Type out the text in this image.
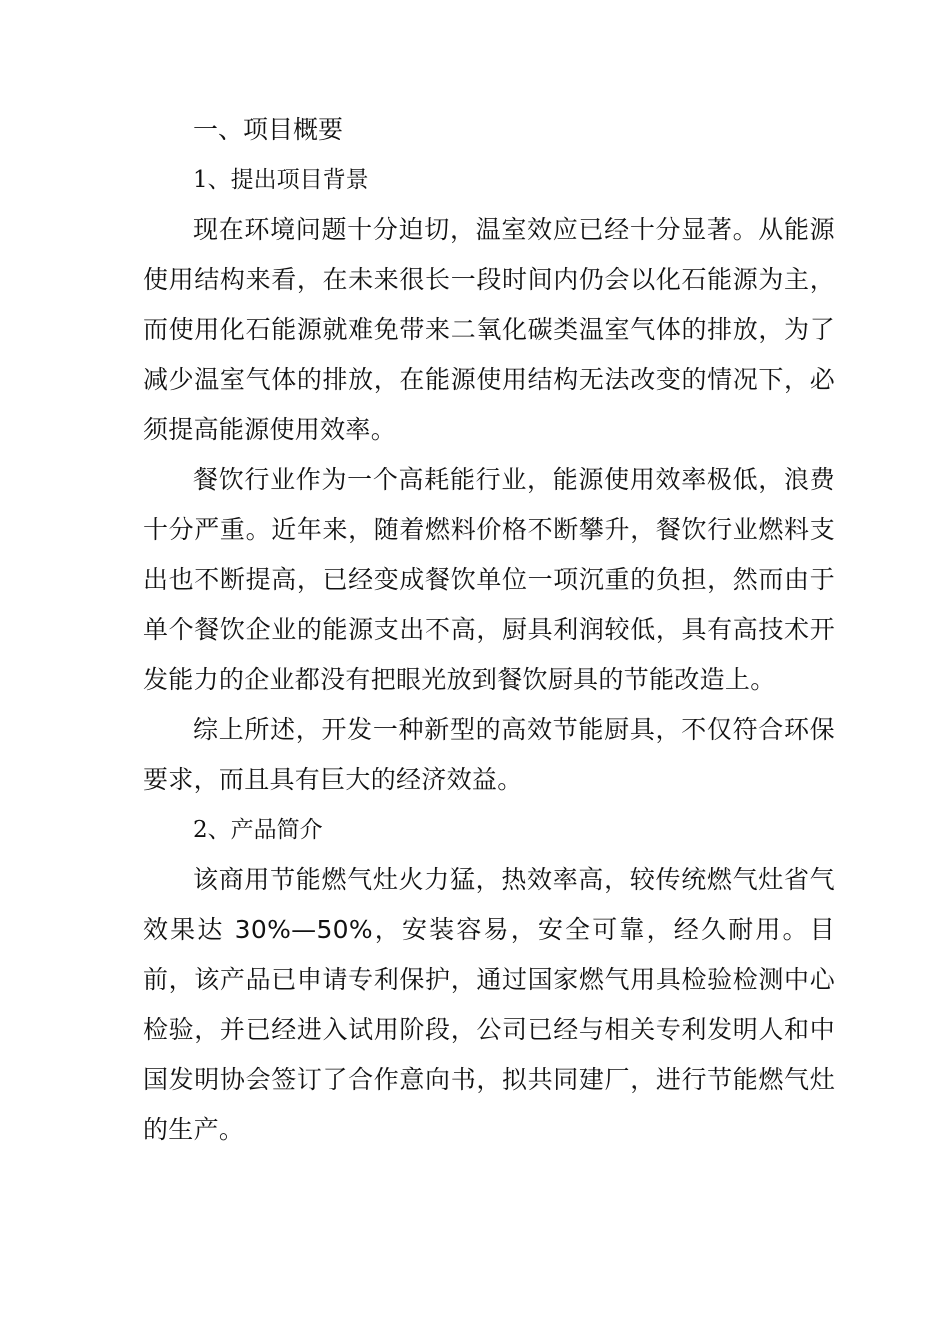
一、项目概要

1、提出项目背景

现在环境问题十分迫切，温室效应已经十分显著。从能源使用结构来看，在未来很长一段时间内仍会以化石能源为主，而使用化石能源就难免带来二氧化碳类温室气体的排放，为了减少温室气体的排放，在能源使用结构无法改变的情况下，必须提高能源使用效率。

餐饮行业作为一个高耗能行业，能源使用效率极低，浪费十分严重。近年来，随着燃料价格不断攀升，餐饮行业燃料支出也不断提高，已经变成餐饮单位一项沉重的负担，然而由于单个餐饮企业的能源支出不高，厨具利润较低，具有高技术开发能力的企业都没有把眼光放到餐饮厨具的节能改造上。

综上所述，开发一种新型的高效节能厨具，不仅符合环保要求，而且具有巨大的经济效益。

2、产品简介

该商用节能燃气灶火力猛，热效率高，较传统燃气灶省气效果达 30%—50%，安装容易，安全可靠，经久耐用。目前，该产品已申请专利保护，通过国家燃气用具检验检测中心检验，并已经进入试用阶段，公司已经与相关专利发明人和中国发明协会签订了合作意向书，拟共同建厂，进行节能燃气灶的生产。
